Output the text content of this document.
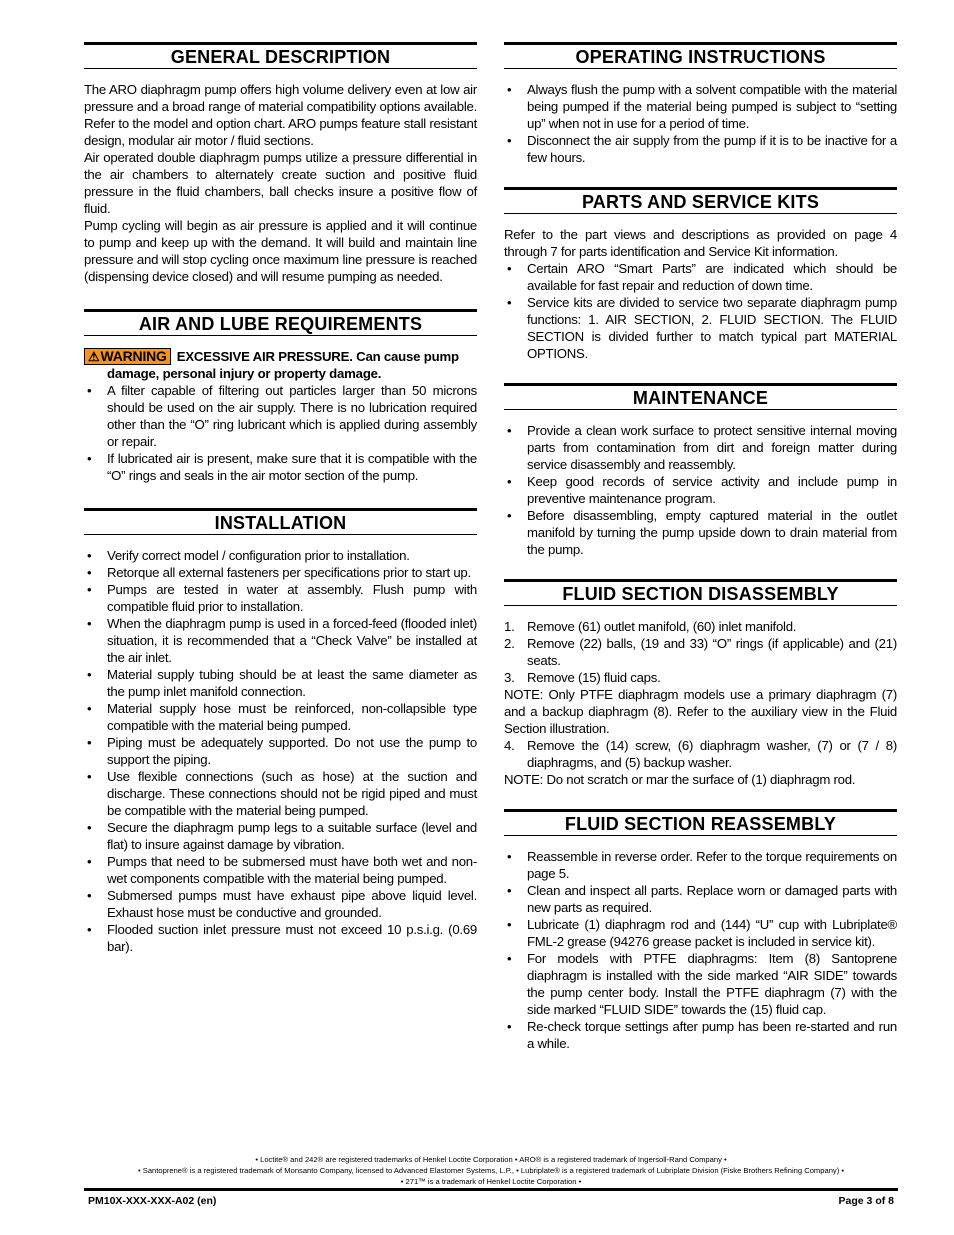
GENERAL DESCRIPTION

The ARO diaphragm pump offers high volume delivery even at low air pressure and a broad range of material compatibility options available. Refer to the model and option chart. ARO pumps feature stall resistant design, modular air motor / fluid sections.

Air operated double diaphragm pumps utilize a pressure differential in the air chambers to alternately create suction and positive fluid pressure in the fluid chambers, ball checks insure a positive flow of fluid.

Pump cycling will begin as air pressure is applied and it will continue to pump and keep up with the demand. It will build and maintain line pressure and will stop cycling once maximum line pressure is reached (dispensing device closed) and will resume pumping as needed.

AIR AND LUBE REQUIREMENTS
⚠WARNING EXCESSIVE AIR PRESSURE. Can cause pump damage, personal injury or property damage.
• A filter capable of filtering out particles larger than 50 microns should be used on the air supply. There is no lubrication required other than the “O” ring lubricant which is applied during assembly or repair.
• If lubricated air is present, make sure that it is compatible with the “O” rings and seals in the air motor section of the pump.
INSTALLATION
• Verify correct model / configuration prior to installation.
• Retorque all external fasteners per specifications prior to start up.
• Pumps are tested in water at assembly. Flush pump with compatible fluid prior to installation.
• When the diaphragm pump is used in a forced-feed (flooded inlet) situation, it is recommended that a “Check Valve” be installed at the air inlet.
• Material supply tubing should be at least the same diameter as the pump inlet manifold connection.
• Material supply hose must be reinforced, non-collapsible type compatible with the material being pumped.
• Piping must be adequately supported. Do not use the pump to support the piping.
• Use flexible connections (such as hose) at the suction and discharge. These connections should not be rigid piped and must be compatible with the material being pumped.
• Secure the diaphragm pump legs to a suitable surface (level and flat) to insure against damage by vibration.
• Pumps that need to be submersed must have both wet and non-wet components compatible with the material being pumped.
• Submersed pumps must have exhaust pipe above liquid level. Exhaust hose must be conductive and grounded.
• Flooded suction inlet pressure must not exceed 10 p.s.i.g. (0.69 bar).
OPERATING INSTRUCTIONS
• Always flush the pump with a solvent compatible with the material being pumped if the material being pumped is subject to “setting up” when not in use for a period of time.
• Disconnect the air supply from the pump if it is to be inactive for a few hours.
PARTS AND SERVICE KITS

Refer to the part views and descriptions as provided on page 4 through 7 for parts identification and Service Kit information.

• Certain ARO “Smart Parts” are indicated which should be available for fast repair and reduction of down time.
• Service kits are divided to service two separate diaphragm pump functions: 1. AIR SECTION, 2. FLUID SECTION. The FLUID SECTION is divided further to match typical part MATERIAL OPTIONS.
MAINTENANCE
• Provide a clean work surface to protect sensitive internal moving parts from contamination from dirt and foreign matter during service disassembly and reassembly.
• Keep good records of service activity and include pump in preventive maintenance program.
• Before disassembling, empty captured material in the outlet manifold by turning the pump upside down to drain material from the pump.
FLUID SECTION DISASSEMBLY
1. Remove (61) outlet manifold, (60) inlet manifold.
2. Remove (22) balls, (19 and 33) “O” rings (if applicable) and (21) seats.
3. Remove (15) fluid caps.

NOTE: Only PTFE diaphragm models use a primary diaphragm (7) and a backup diaphragm (8). Refer to the auxiliary view in the Fluid Section illustration.

4. Remove the (14) screw, (6) diaphragm washer, (7) or (7 / 8) diaphragms, and (5) backup washer.

NOTE: Do not scratch or mar the surface of (1) diaphragm rod.

FLUID SECTION REASSEMBLY
• Reassemble in reverse order. Refer to the torque requirements on page 5.
• Clean and inspect all parts. Replace worn or damaged parts with new parts as required.
• Lubricate (1) diaphragm rod and (144) “U” cup with Lubriplate® FML-2 grease (94276 grease packet is included in service kit).
• For models with PTFE diaphragms: Item (8) Santoprene diaphragm is installed with the side marked “AIR SIDE” towards the pump center body. Install the PTFE diaphragm (7) with the side marked “FLUID SIDE” towards the (15) fluid cap.
• Re-check torque settings after pump has been re-started and run a while.
• Loctite® and 242® are registered trademarks of Henkel Loctite Corporation • ARO® is a registered trademark of Ingersoll-Rand Company •
• Santoprene® is a registered trademark of Monsanto Company, licensed to Advanced Elastomer Systems, L.P., • Lubriplate® is a registered trademark of Lubriplate Division (Fiske Brothers Refining Company) •
• 271™ is a trademark of Henkel Loctite Corporation •
PM10X-XXX-XXX-A02 (en)	Page 3 of 8
